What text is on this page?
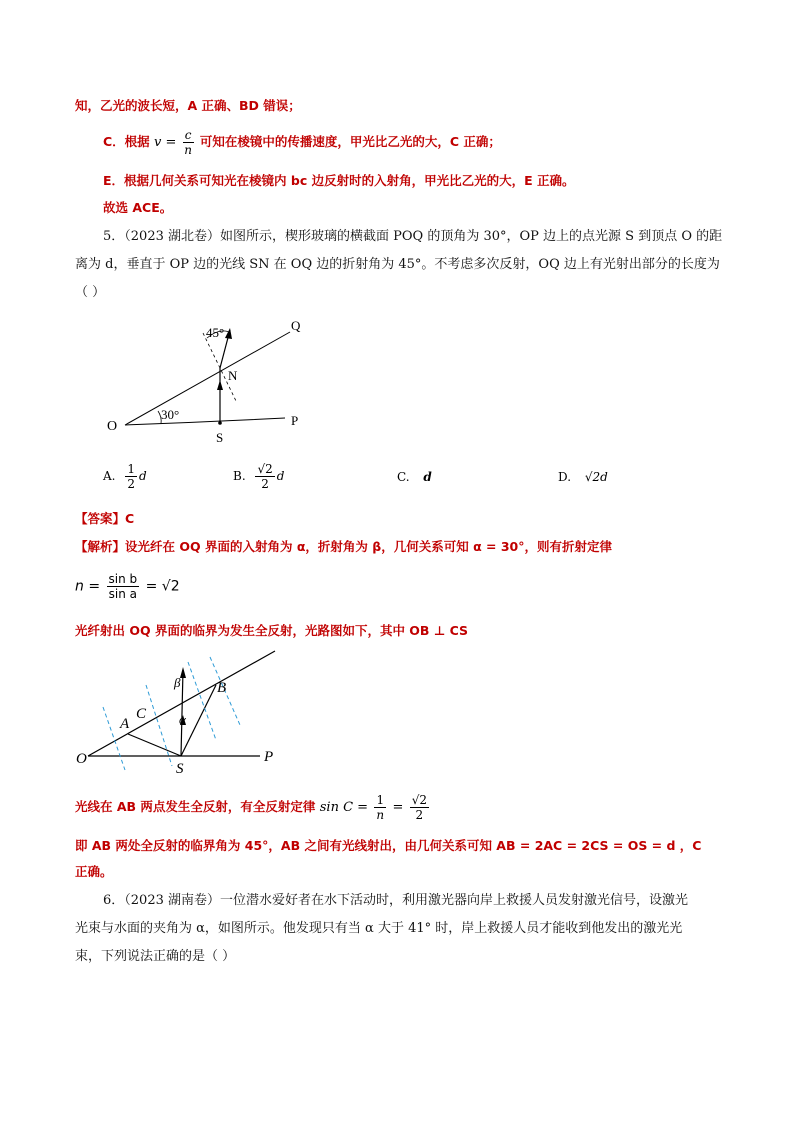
知，乙光的波长短，A 正确、BD 错误；
C．根据 $v = \frac{c}{n}$ 可知在棱镜中的传播速度，甲光比乙光的大，C 正确；
E．根据几何关系可知光在棱镜内 bc 边反射时的入射角，甲光比乙光的大，E 正确。
故选 ACE。
5．（2023 湖北卷）如图所示，楔形玻璃的横截面 POQ 的顶角为 30°，OP 边上的点光源 S 到顶点 O 的距
离为 d，垂直于 OP 边的光线 SN 在 OQ 边的折射角为 45°。不考虑多次反射，OQ 边上有光射出部分的长度为
（ ）
45°	Q
P
O
N
S
30°
A. $\frac{1}{2}$ d	B. $\frac{√2}{2}$ d	C. d	D. √2d
【答案】C
【解析】设光纤在 OQ 界面的入射角为 α，折射角为 β，几何关系可知 α = 30°，则有折射定律
$n = \frac{\text{sin b}}{\text{sin a}} = √2$
光纤射出 OQ 界面的临界为发生全反射，光路图如下，其中 OB ⊥ CS
O	P
S
A
B
C	α
β
光线在 AB 两点发生全反射，有全反射定律 $\sin C = \frac{1}{n} = \frac{√2}{2}$
即 AB 两处全反射的临界角为 45°，AB 之间有光线射出，由几何关系可知 AB = 2AC = 2CS = OS = d ，C
正确。
6．（2023 湖南卷）一位潜水爱好者在水下活动时，利用激光器向岸上救援人员发射激光信号，设激光
光束与水面的夹角为 α，如图所示。他发现只有当 α 大于 41° 时，岸上救援人员才能收到他发出的激光光
束，下列说法正确的是（ ）
